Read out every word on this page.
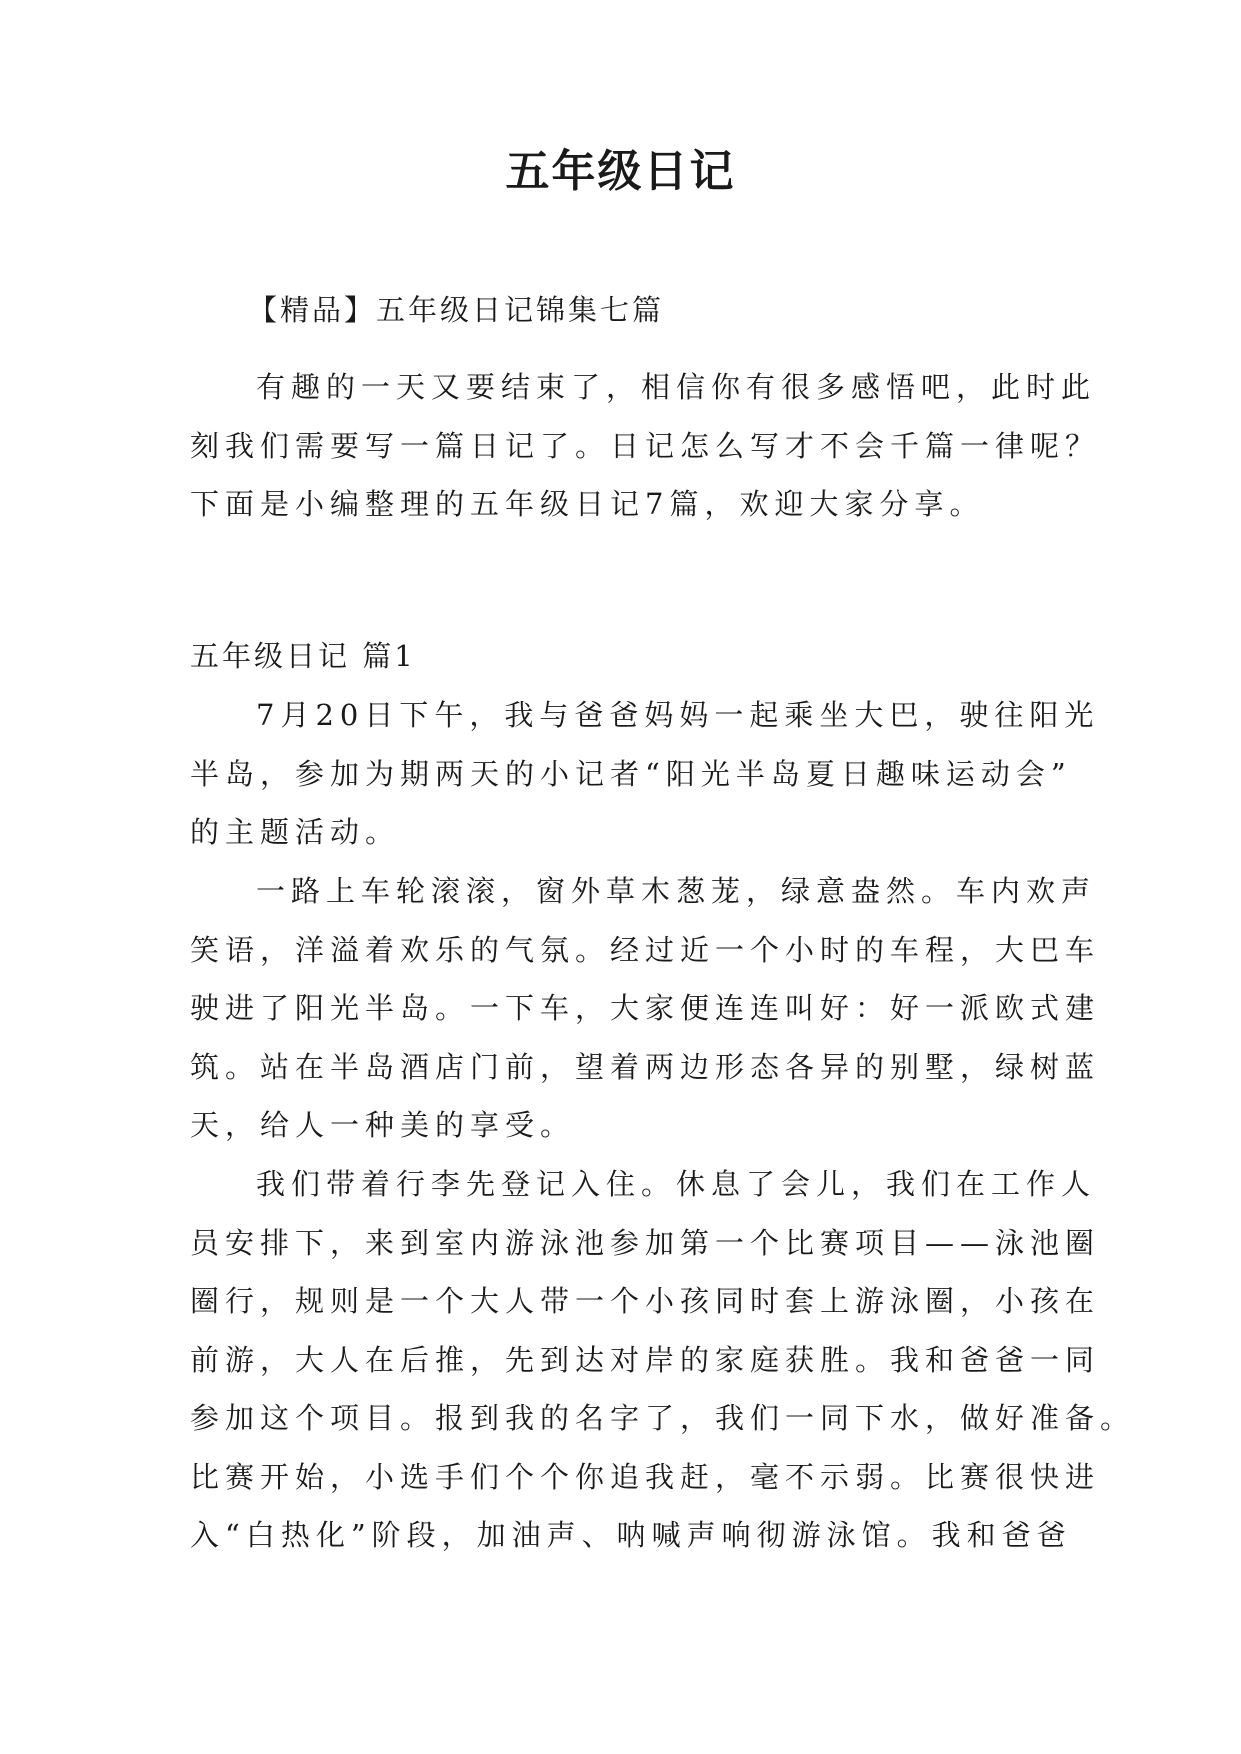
五年级日记
【精品】五年级日记锦集七篇
有趣的一天又要结束了，相信你有很多感悟吧，此时此
刻我们需要写一篇日记了。日记怎么写才不会千篇一律呢？
下面是小编整理的五年级日记7篇，欢迎大家分享。
五年级日记 篇1
7月20日下午，我与爸爸妈妈一起乘坐大巴，驶往阳光
半岛，参加为期两天的小记者“阳光半岛夏日趣味运动会”
的主题活动。
一路上车轮滚滚，窗外草木葱茏，绿意盎然。车内欢声
笑语，洋溢着欢乐的气氛。经过近一个小时的车程，大巴车
驶进了阳光半岛。一下车，大家便连连叫好：好一派欧式建
筑。站在半岛酒店门前，望着两边形态各异的别墅，绿树蓝
天，给人一种美的享受。
我们带着行李先登记入住。休息了会儿，我们在工作人
员安排下，来到室内游泳池参加第一个比赛项目——泳池圈
圈行，规则是一个大人带一个小孩同时套上游泳圈，小孩在
前游，大人在后推，先到达对岸的家庭获胜。我和爸爸一同
参加这个项目。报到我的名字了，我们一同下水，做好准备。
比赛开始，小选手们个个你追我赶，毫不示弱。比赛很快进
入“白热化”阶段，加油声、呐喊声响彻游泳馆。我和爸爸
